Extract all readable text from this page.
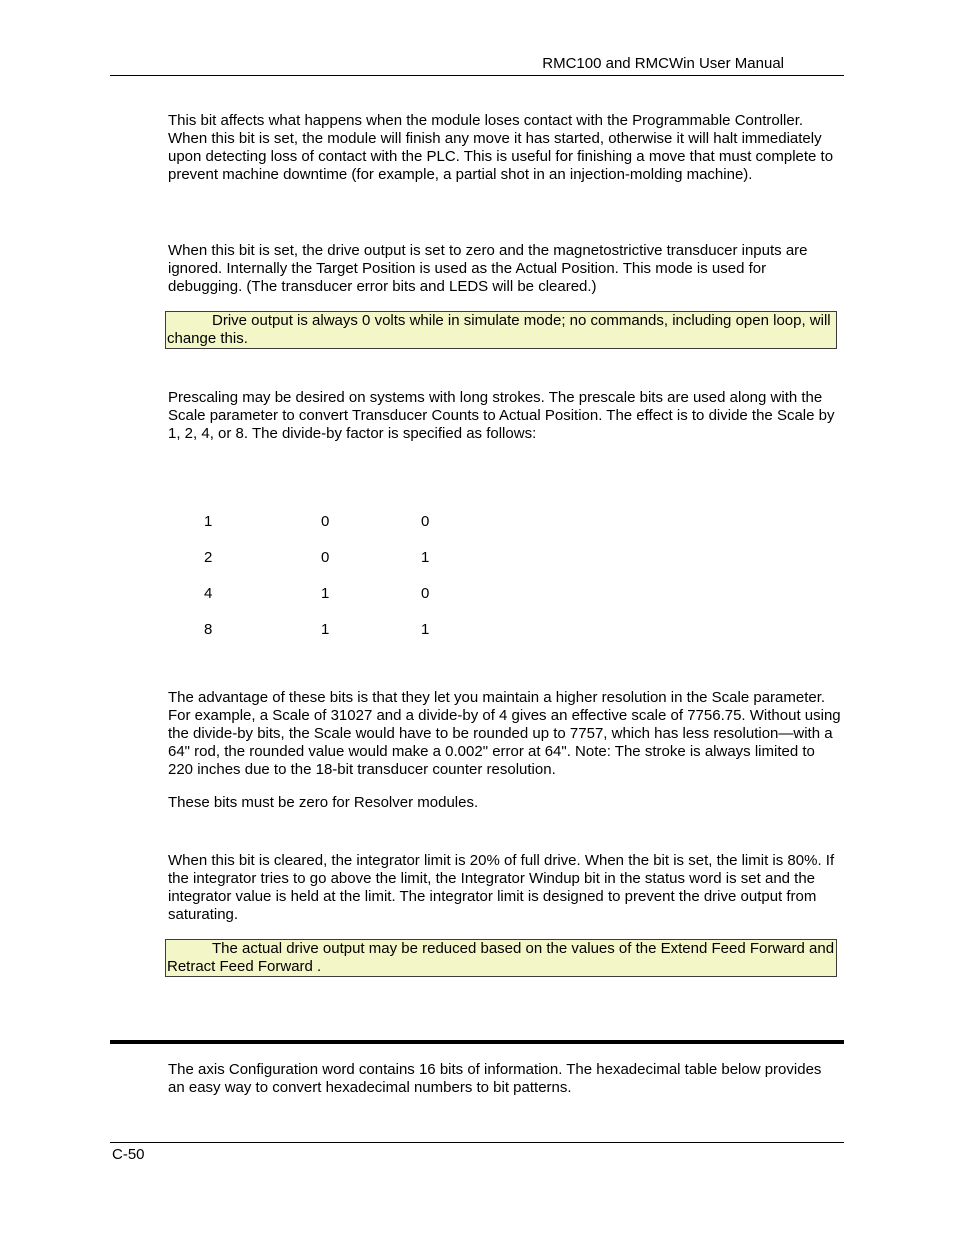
RMC100 and RMCWin User Manual

This bit affects what happens when the module loses contact with the Programmable Controller. When this bit is set, the module will finish any move it has started, otherwise it will halt immediately upon detecting loss of contact with the PLC. This is useful for finishing a move that must complete to prevent machine downtime (for example, a partial shot in an injection-molding machine).

When this bit is set, the drive output is set to zero and the magnetostrictive transducer inputs are ignored. Internally the Target Position is used as the Actual Position. This mode is used for debugging. (The transducer error bits and LEDS will be cleared.)

Drive output is always 0 volts while in simulate mode; no commands, including open loop, will change this.

Prescaling may be desired on systems with long strokes. The prescale bits are used along with the Scale parameter to convert Transducer Counts to Actual Position. The effect is to divide the Scale by 1, 2, 4, or 8. The divide-by factor is specified as follows:

1	0	0
2	0	1
4	1	0
8	1	1

The advantage of these bits is that they let you maintain a higher resolution in the Scale parameter. For example, a Scale of 31027 and a divide-by of 4 gives an effective scale of 7756.75. Without using the divide-by bits, the Scale would have to be rounded up to 7757, which has less resolution—with a 64" rod, the rounded value would make a 0.002" error at 64". Note: The stroke is always limited to 220 inches due to the 18-bit transducer counter resolution.

These bits must be zero for Resolver modules.

When this bit is cleared, the integrator limit is 20% of full drive. When the bit is set, the limit is 80%. If the integrator tries to go above the limit, the Integrator Windup bit in the status word is set and the integrator value is held at the limit. The integrator limit is designed to prevent the drive output from saturating.

The actual drive output may be reduced based on the values of the Extend Feed Forward and Retract Feed Forward .

The axis Configuration word contains 16 bits of information. The hexadecimal table below provides an easy way to convert hexadecimal numbers to bit patterns.

C-50
